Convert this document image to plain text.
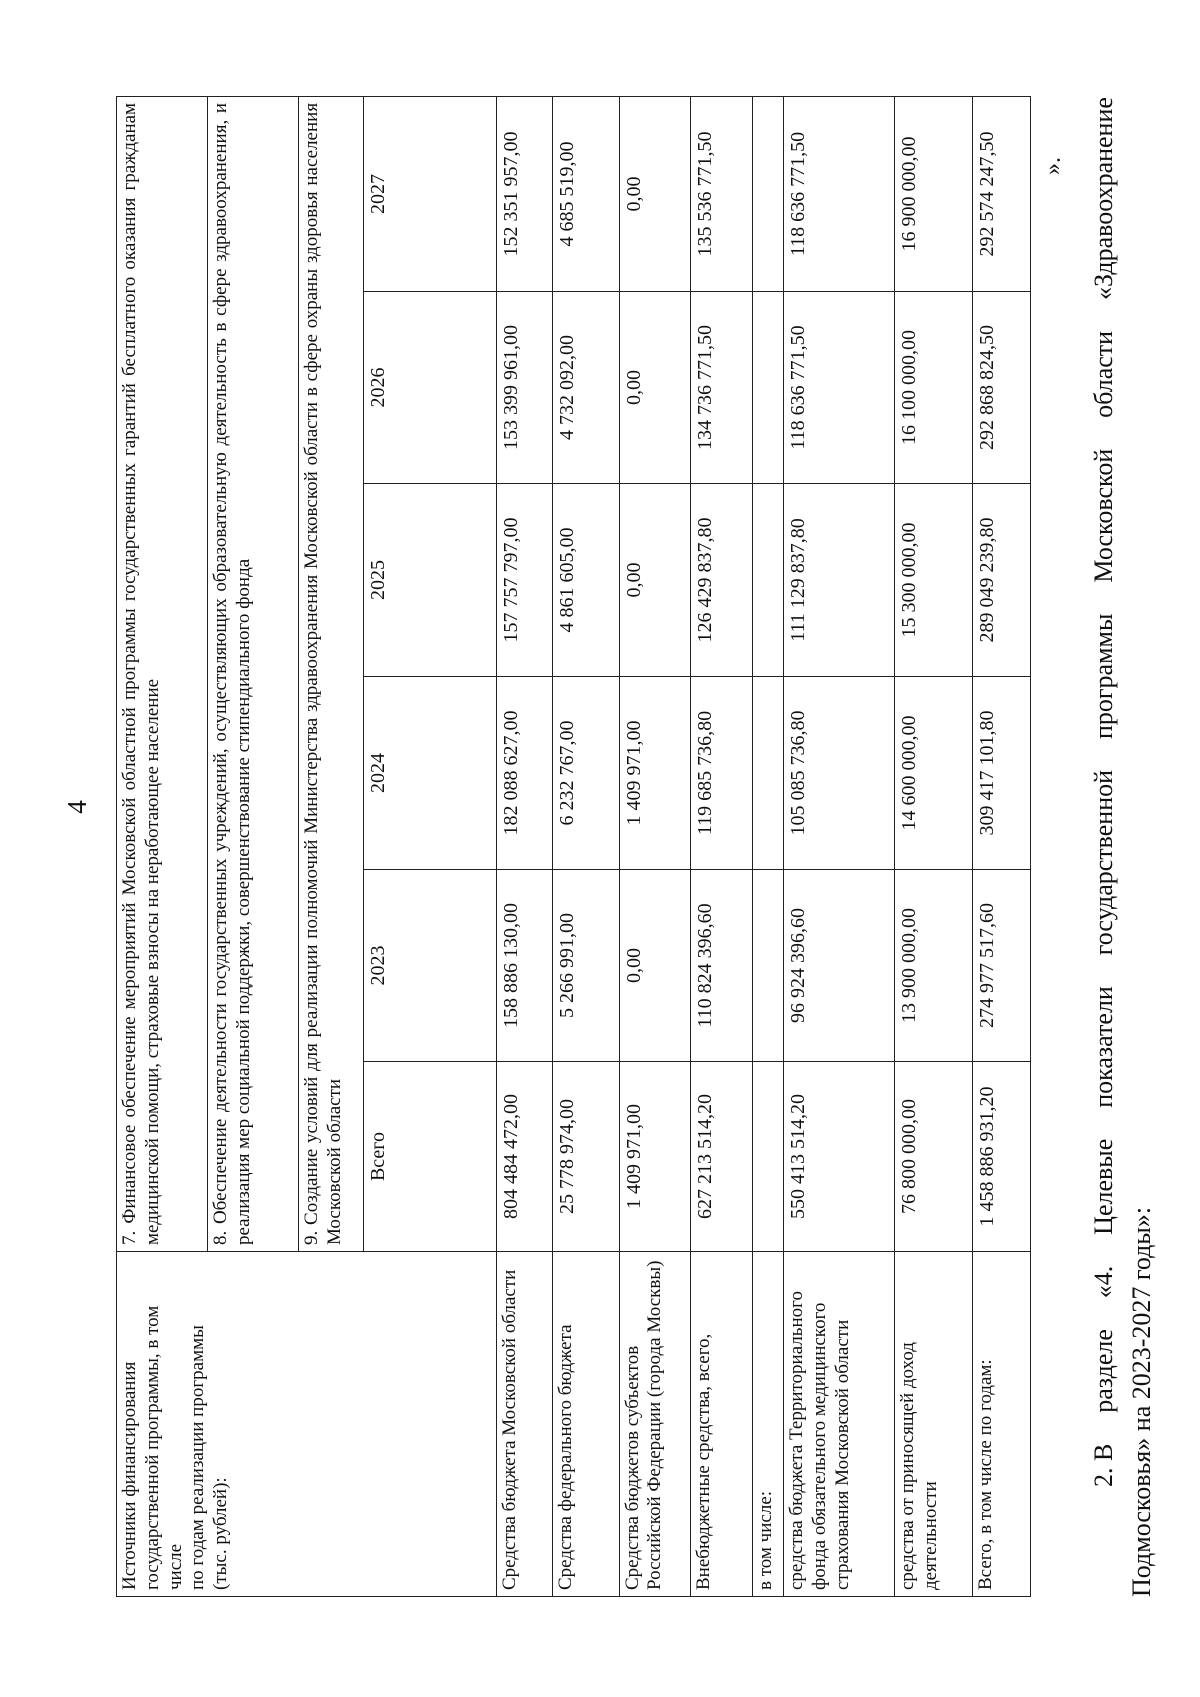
4
Источники финансирования государственной программы, в том числе по годам реализации программы (тыс. рублей):	7. Финансовое обеспечение мероприятий Московской областной программы государственных гарантий бесплатного оказания гражданам медицинской помощи, страховые взносы на неработающее население					
	8. Обеспечение деятельности государственных учреждений, осуществляющих образовательную деятельность в сфере здравоохранения, и реализация мер социальной поддержки, совершенствование стипендиального фонда					
	9. Создание условий для реализации полномочий Министерства здравоохранения Московской области в сфере охраны здоровья населения Московской области					
	Всего	2023	2024	2025	2026	2027
Средства бюджета Московской области	804 484 472,00	158 886 130,00	182 088 627,00	157 757 797,00	153 399 961,00	152 351 957,00
Средства федерального бюджета	25 778 974,00	5 266 991,00	6 232 767,00	4 861 605,00	4 732 092,00	4 685 519,00
Средства бюджетов субъектов Российской Федерации (города Москвы)	1 409 971,00	0,00	1 409 971,00	0,00	0,00	0,00
Внебюджетные средства, всего,	627 213 514,20	110 824 396,60	119 685 736,80	126 429 837,80	134 736 771,50	135 536 771,50
в том числе:						
средства бюджета Территориального фонда обязательного медицинского страхования Московской области	550 413 514,20	96 924 396,60	105 085 736,80	111 129 837,80	118 636 771,50	118 636 771,50
средства от приносящей доход деятельности	76 800 000,00	13 900 000,00	14 600 000,00	15 300 000,00	16 100 000,00	16 900 000,00
Всего, в том числе по годам:	1 458 886 931,20	274 977 517,60	309 417 101,80	289 049 239,80	292 868 824,50	292 574 247,50 ».
2. В
разделе
«4.
Целевые
показатели
государственной
программы
Московской
области
«Здравоохранение
Подмосковья» на 2023-2027 годы»:
